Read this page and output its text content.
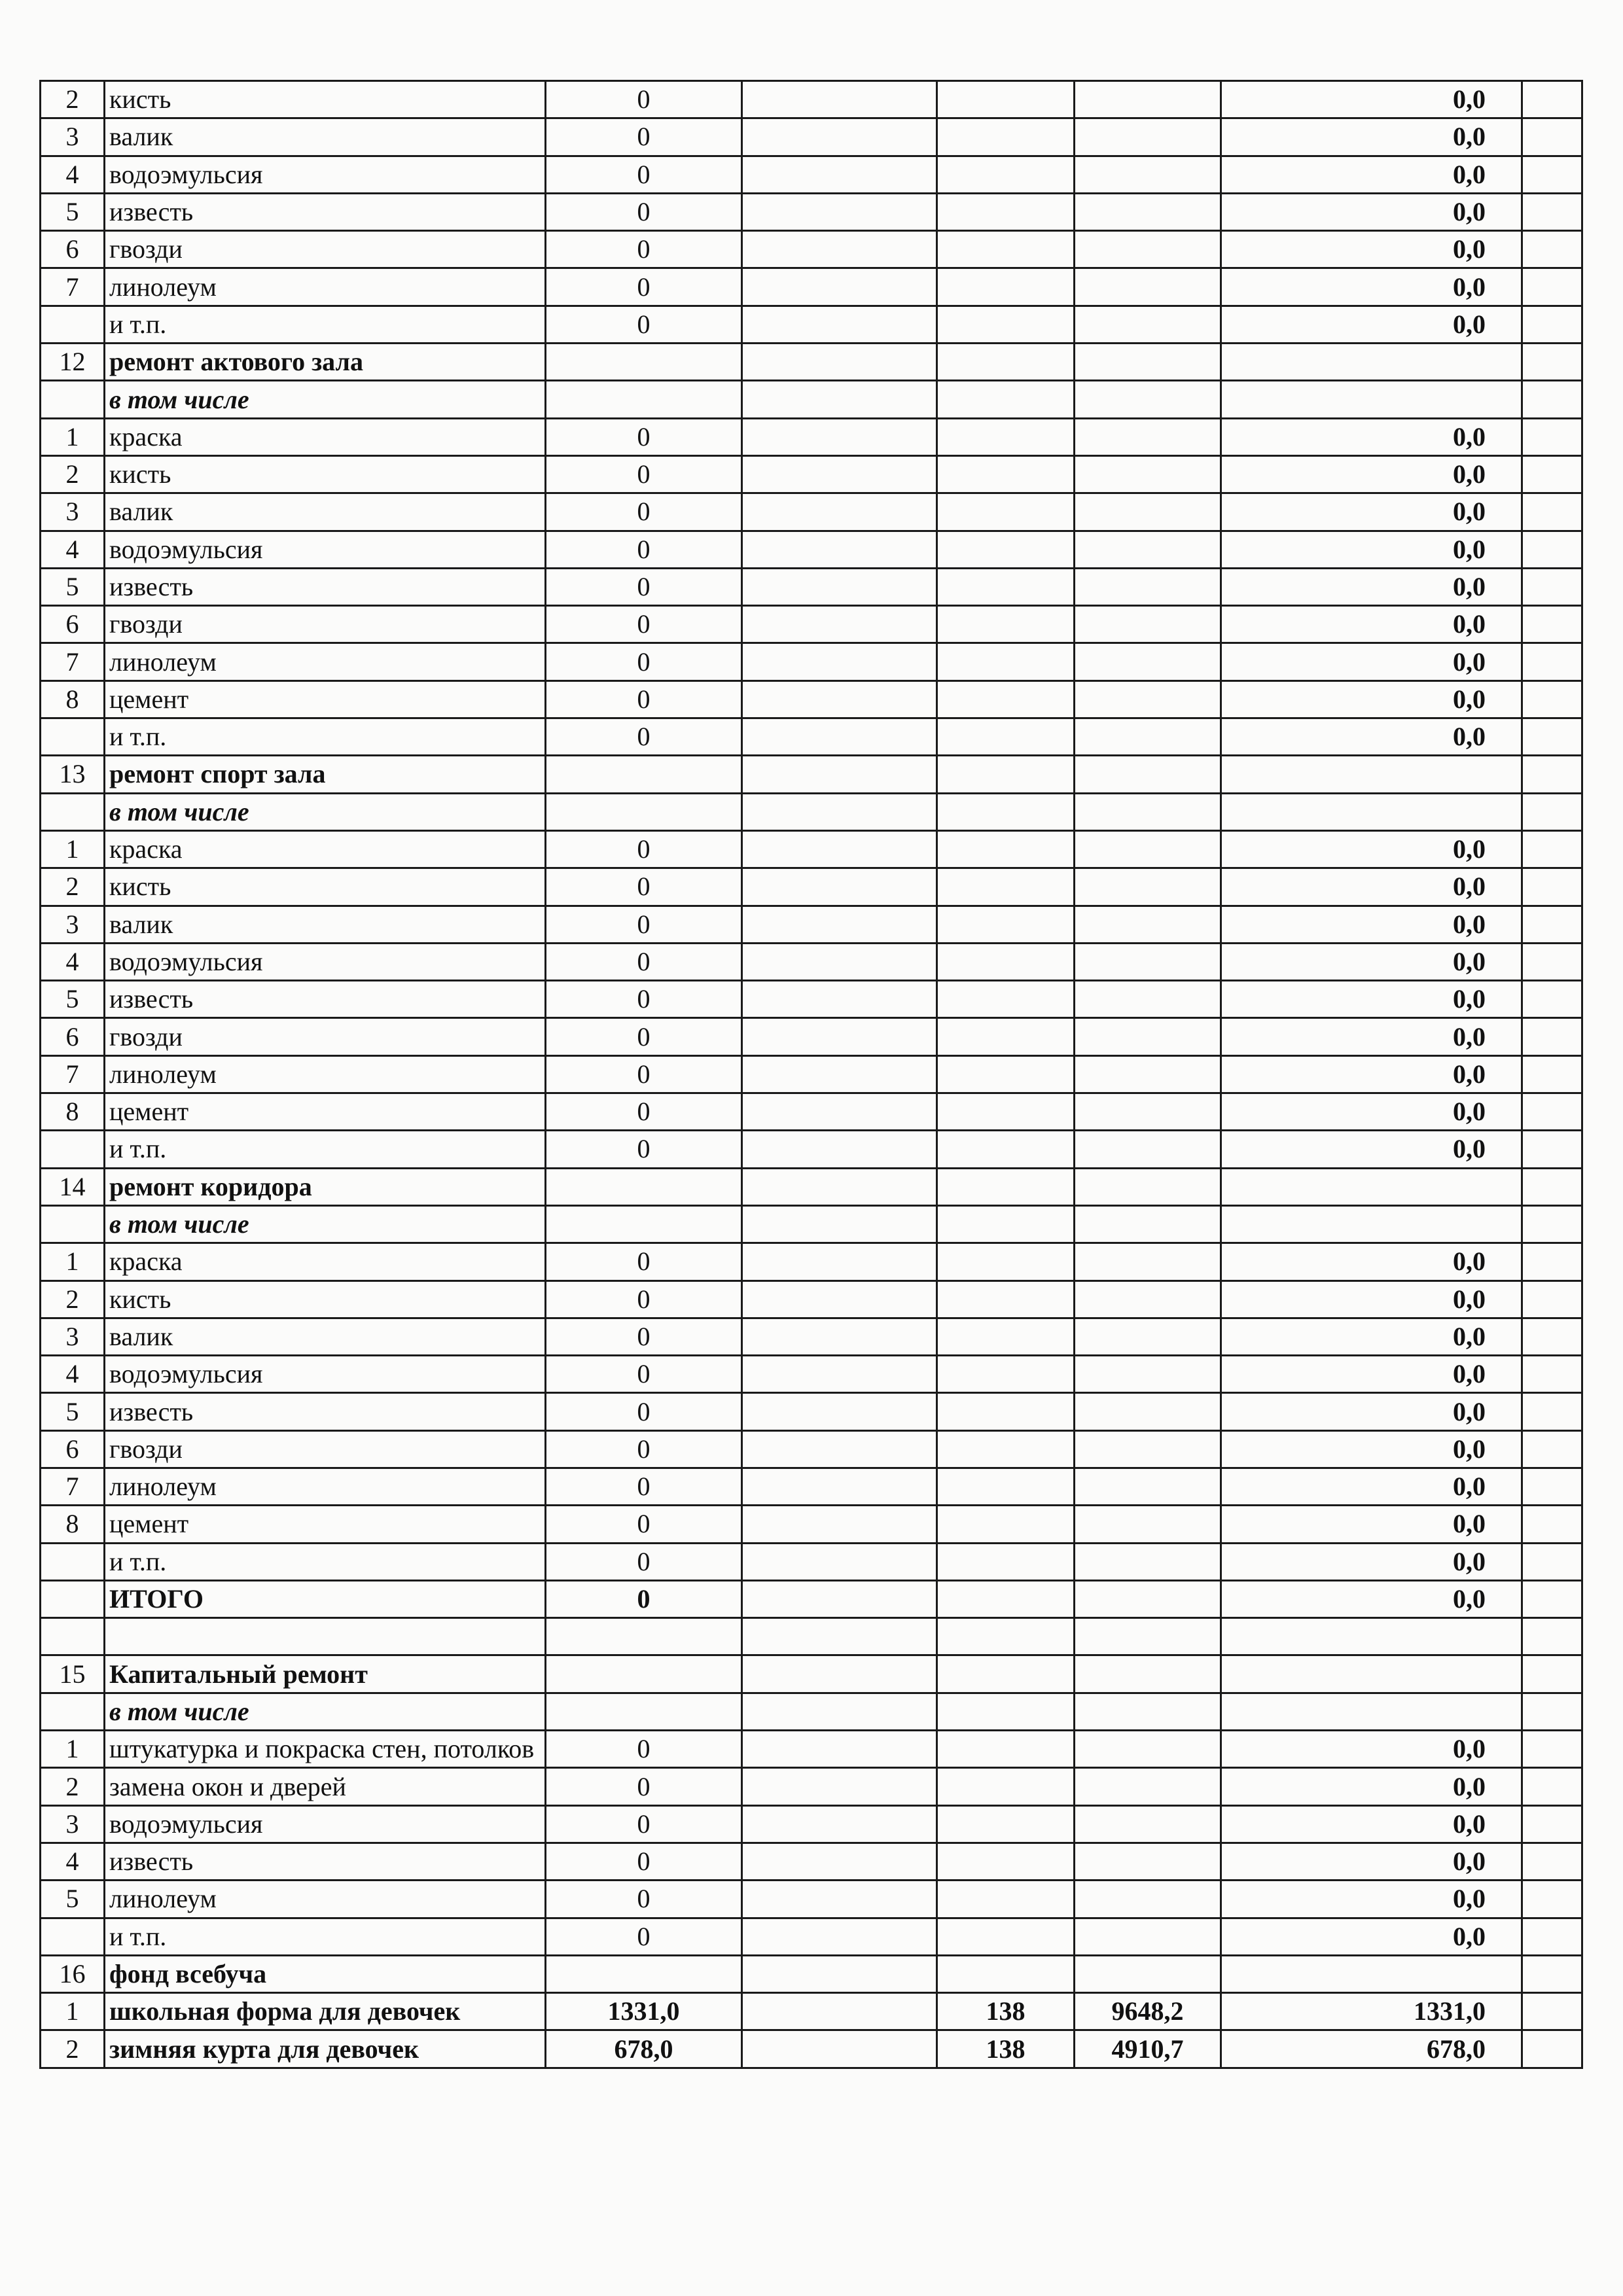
2	кисть	0				0,0	
3	валик	0				0,0	
4	водоэмульсия	0				0,0	
5	известь	0				0,0	
6	гвозди	0				0,0	
7	линолеум	0				0,0	
	и т.п.	0				0,0	
12	ремонт актового зала						
	в том числе						
1	краска	0				0,0	
2	кисть	0				0,0	
3	валик	0				0,0	
4	водоэмульсия	0				0,0	
5	известь	0				0,0	
6	гвозди	0				0,0	
7	линолеум	0				0,0	
8	цемент	0				0,0	
	и т.п.	0				0,0	
13	ремонт спорт зала						
	в том числе						
1	краска	0				0,0	
2	кисть	0				0,0	
3	валик	0				0,0	
4	водоэмульсия	0				0,0	
5	известь	0				0,0	
6	гвозди	0				0,0	
7	линолеум	0				0,0	
8	цемент	0				0,0	
	и т.п.	0				0,0	
14	ремонт коридора						
	в том числе						
1	краска	0				0,0	
2	кисть	0				0,0	
3	валик	0				0,0	
4	водоэмульсия	0				0,0	
5	известь	0				0,0	
6	гвозди	0				0,0	
7	линолеум	0				0,0	
8	цемент	0				0,0	
	и т.п.	0				0,0	
	ИТОГО	0				0,0	

15	Капитальный ремонт						
	в том числе						
1	штукатурка и покраска стен, потолков	0				0,0	
2	замена окон и дверей	0				0,0	
3	водоэмульсия	0				0,0	
4	известь	0				0,0	
5	линолеум	0				0,0	
	и т.п.	0				0,0	
16	фонд всебуча						
1	школьная форма для девочек	1331,0		138	9648,2	1331,0	
2	зимняя курта для девочек	678,0		138	4910,7	678,0	
